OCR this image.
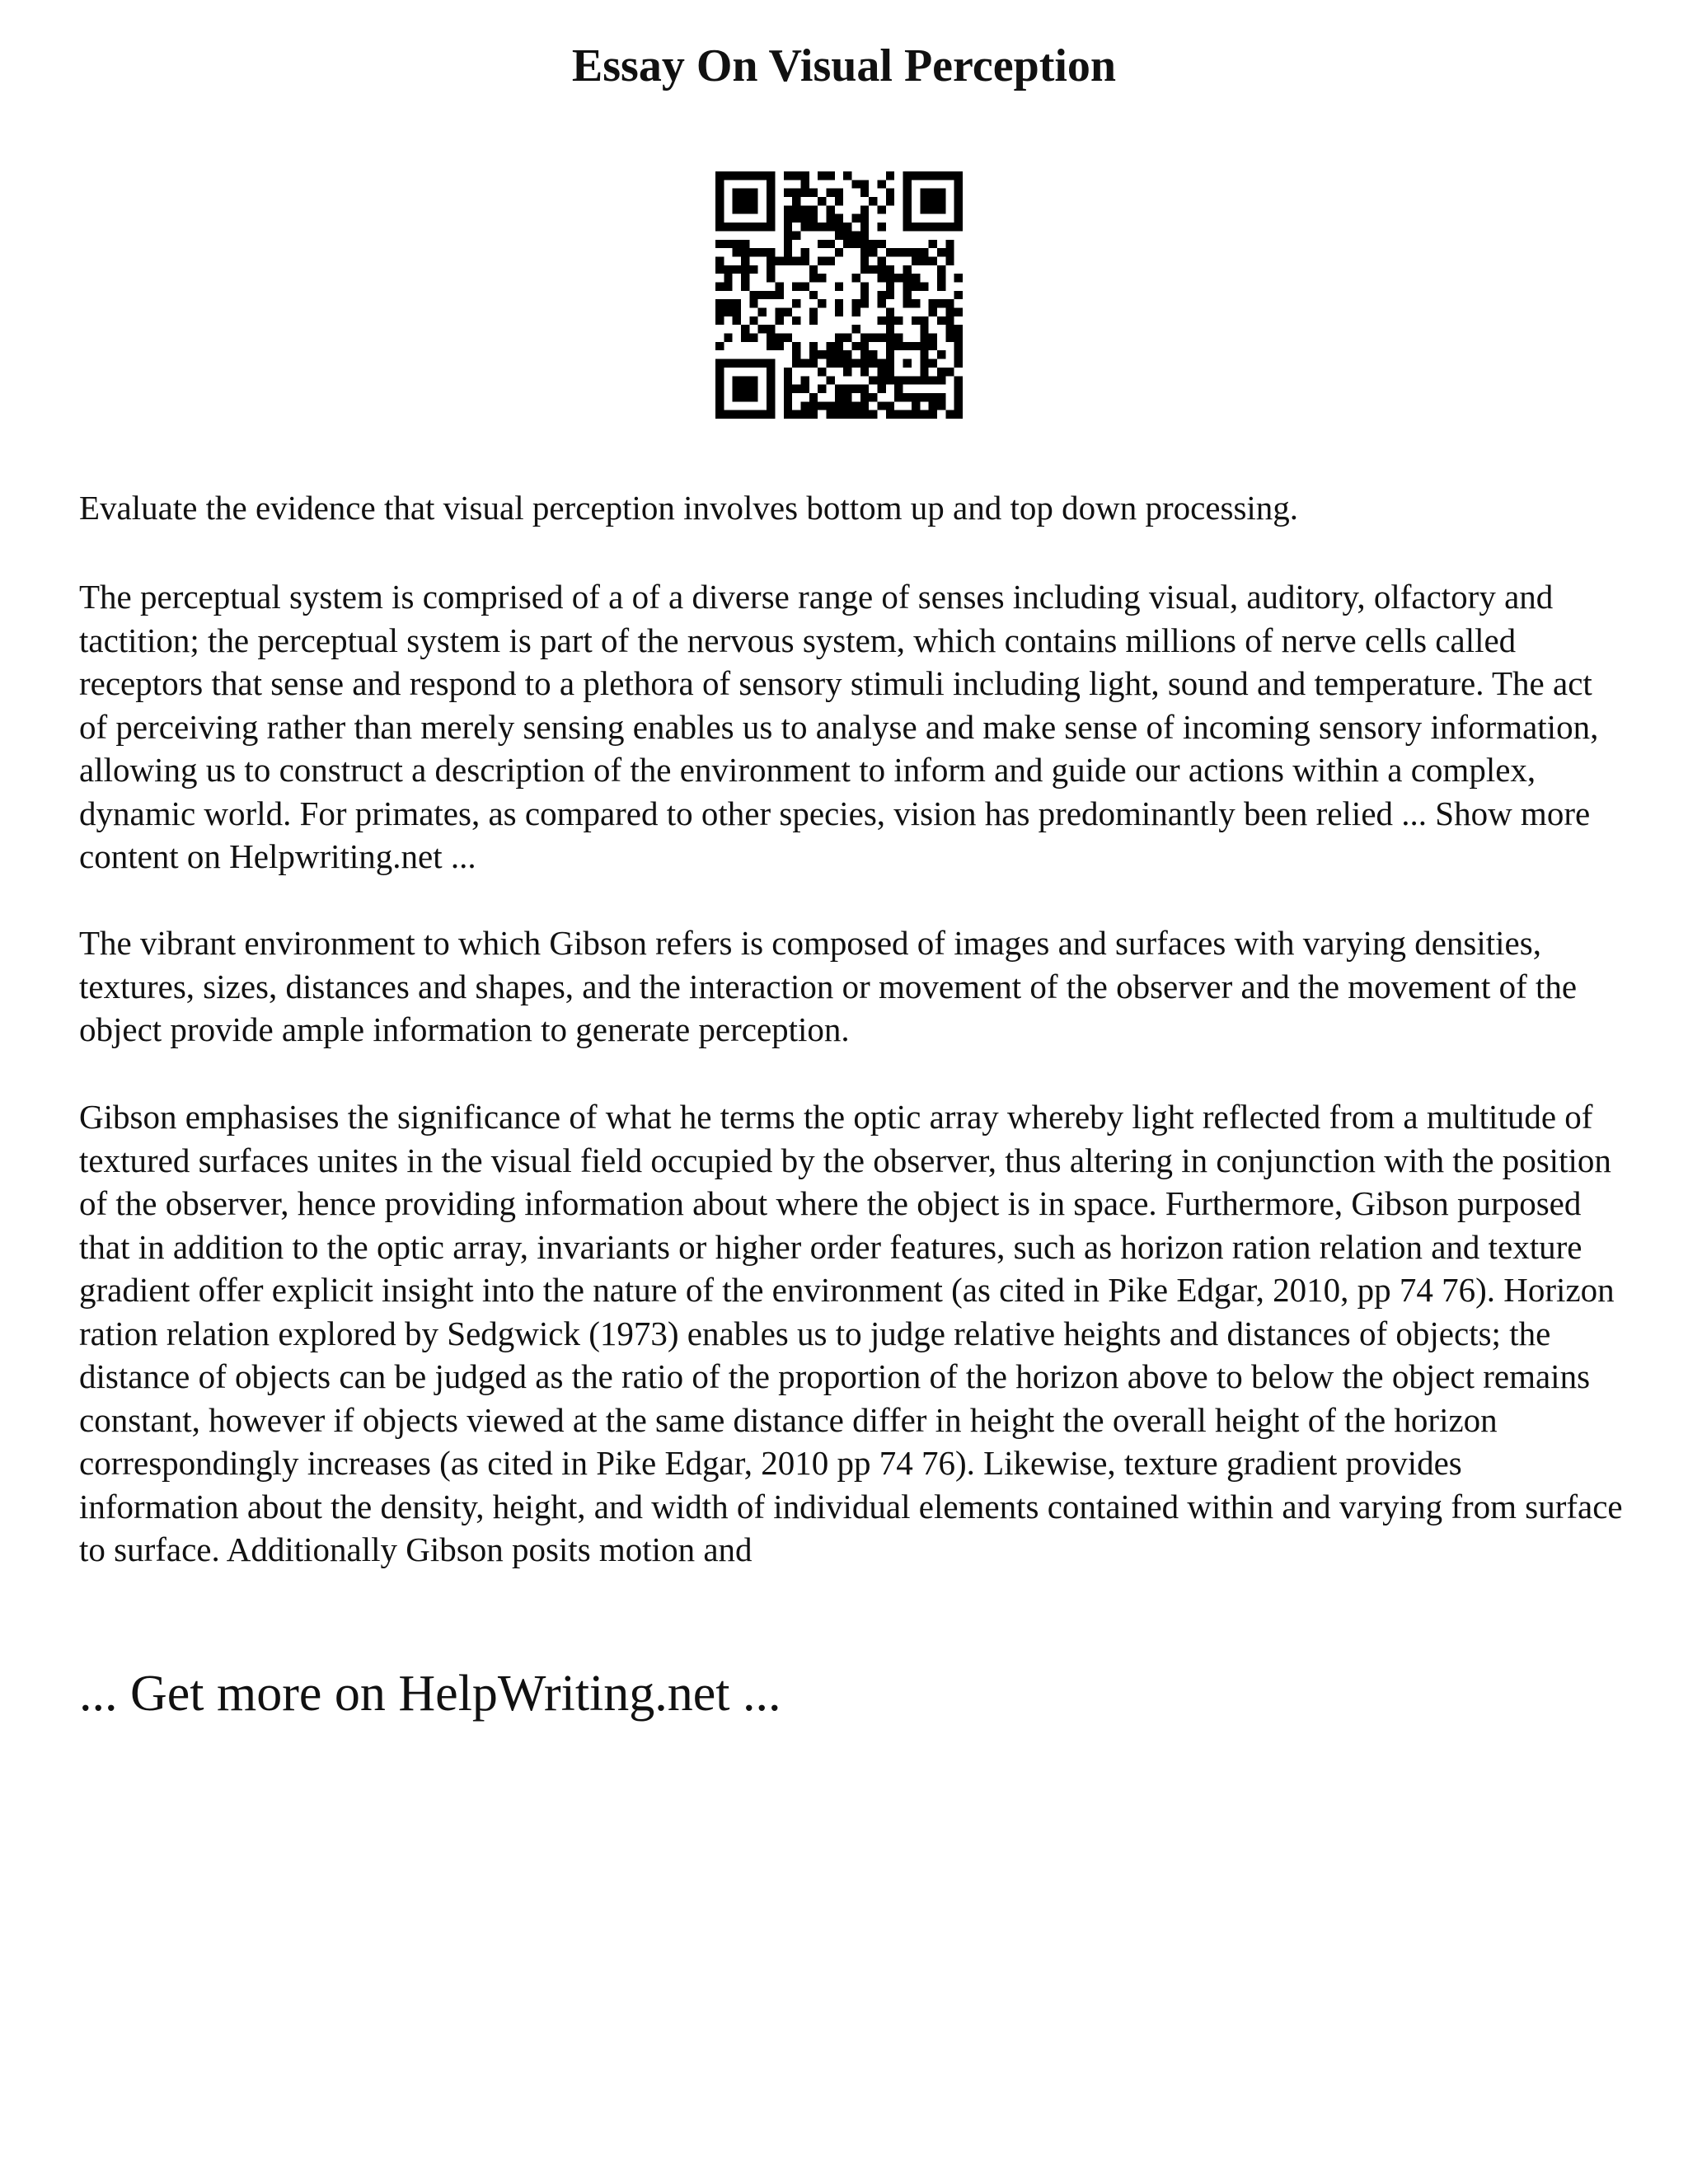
Essay On Visual Perception

Evaluate the evidence that visual perception involves bottom up and top down processing.

The perceptual system is comprised of a of a diverse range of senses including visual, auditory, olfactory and tactition; the perceptual system is part of the nervous system, which contains millions of nerve cells called receptors that sense and respond to a plethora of sensory stimuli including light, sound and temperature. The act of perceiving rather than merely sensing enables us to analyse and make sense of incoming sensory information, allowing us to construct a description of the environment to inform and guide our actions within a complex, dynamic world. For primates, as compared to other species, vision has predominantly been relied ... Show more content on Helpwriting.net ...

The vibrant environment to which Gibson refers is composed of images and surfaces with varying densities, textures, sizes, distances and shapes, and the interaction or movement of the observer and the movement of the object provide ample information to generate perception.

Gibson emphasises the significance of what he terms the optic array whereby light reflected from a multitude of textured surfaces unites in the visual field occupied by the observer, thus altering in conjunction with the position of the observer, hence providing information about where the object is in space. Furthermore, Gibson purposed that in addition to the optic array, invariants or higher order features, such as horizon ration relation and texture gradient offer explicit insight into the nature of the environment (as cited in Pike Edgar, 2010, pp 74 76). Horizon ration relation explored by Sedgwick (1973) enables us to judge relative heights and distances of objects; the distance of objects can be judged as the ratio of the proportion of the horizon above to below the object remains constant, however if objects viewed at the same distance differ in height the overall height of the horizon correspondingly increases (as cited in Pike Edgar, 2010 pp 74 76). Likewise, texture gradient provides information about the density, height, and width of individual elements contained within and varying from surface to surface. Additionally Gibson posits motion and

... Get more on HelpWriting.net ...
